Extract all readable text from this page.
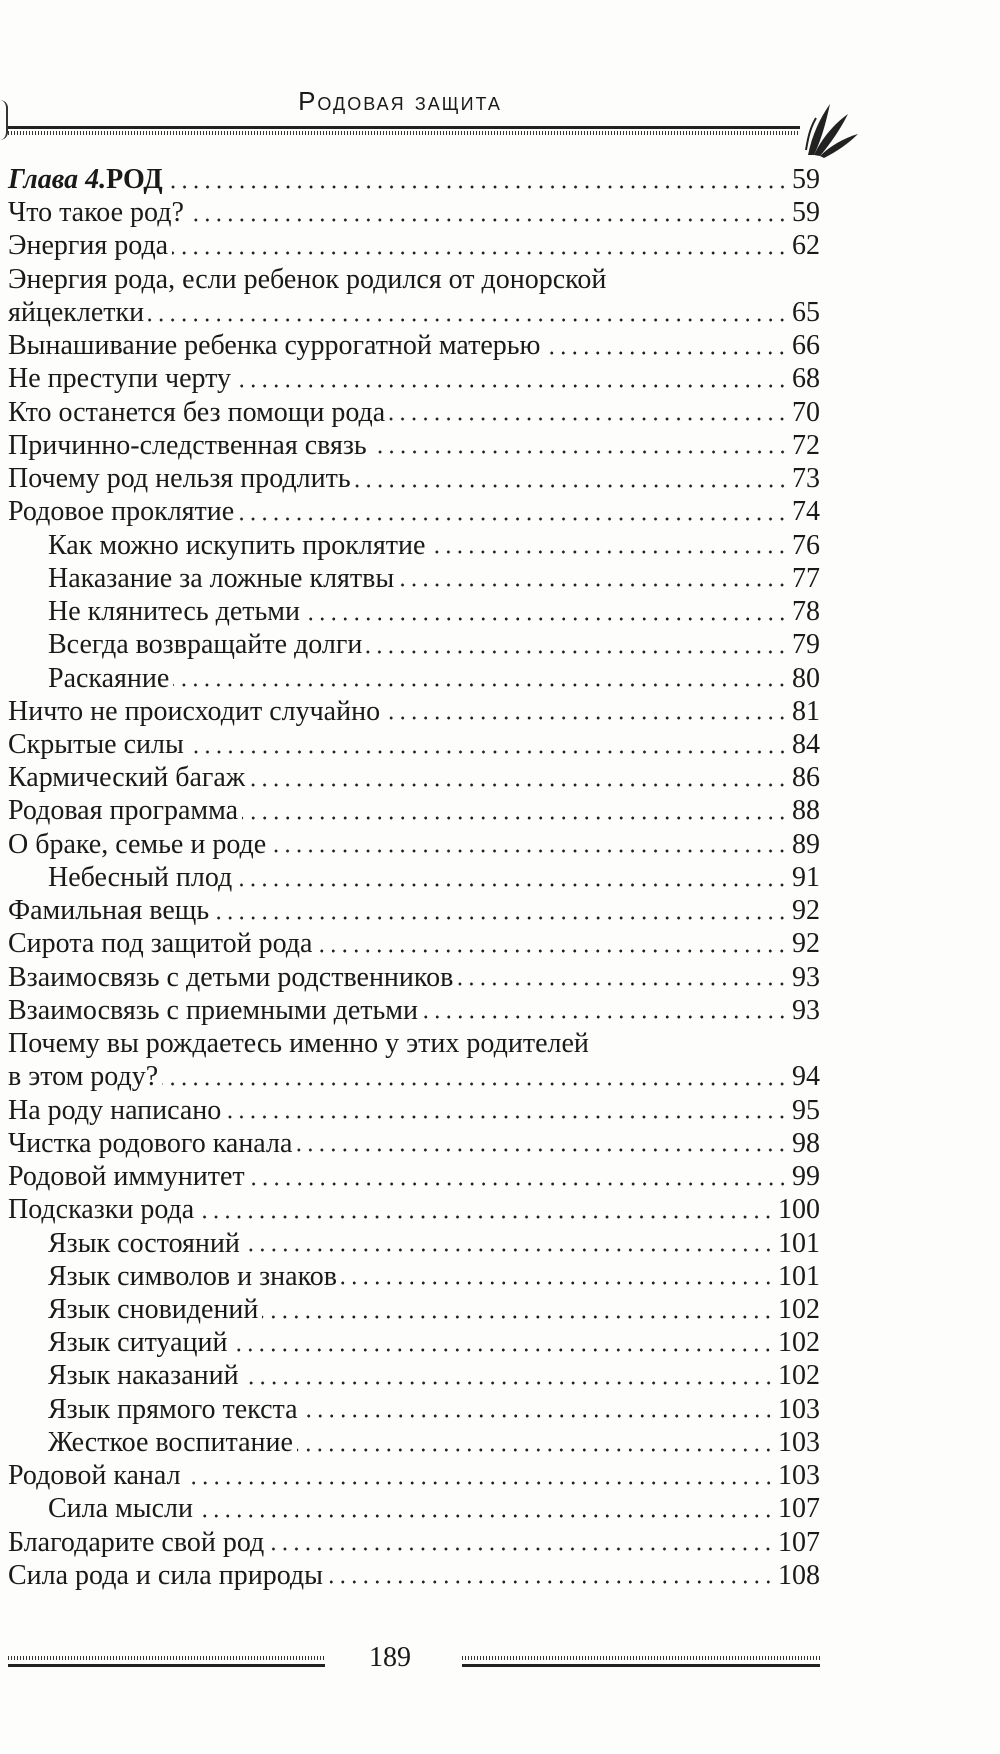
Родовая защита
Глава 4. РОД	59
Что такое род?	59
Энергия рода	62
Энергия рода, если ребенок родился от донорской
яйцеклетки	65
Вынашивание ребенка суррогатной матерью	66
Не преступи черту	68
Кто останется без помощи рода	70
Причинно-следственная связь	72
Почему род нельзя продлить	73
Родовое проклятие	74
Как можно искупить проклятие	76
Наказание за ложные клятвы	77
Не клянитесь детьми	78
Всегда возвращайте долги	79
Раскаяние	80
Ничто не происходит случайно	81
Скрытые силы	84
Кармический багаж	86
Родовая программа	88
О браке, семье и роде	89
Небесный плод	91
Фамильная вещь	92
Сирота под защитой рода	92
Взаимосвязь с детьми родственников	93
Взаимосвязь с приемными детьми	93
Почему вы рождаетесь именно у этих родителей
в этом роду?	94
На роду написано	95
Чистка родового канала	98
Родовой иммунитет	99
Подсказки рода	100
Язык состояний	101
Язык символов и знаков	101
Язык сновидений	102
Язык ситуаций	102
Язык наказаний	102
Язык прямого текста	103
Жесткое воспитание	103
Родовой канал	103
Сила мысли	107
Благодарите свой род	107
Сила рода и сила природы	108
189
